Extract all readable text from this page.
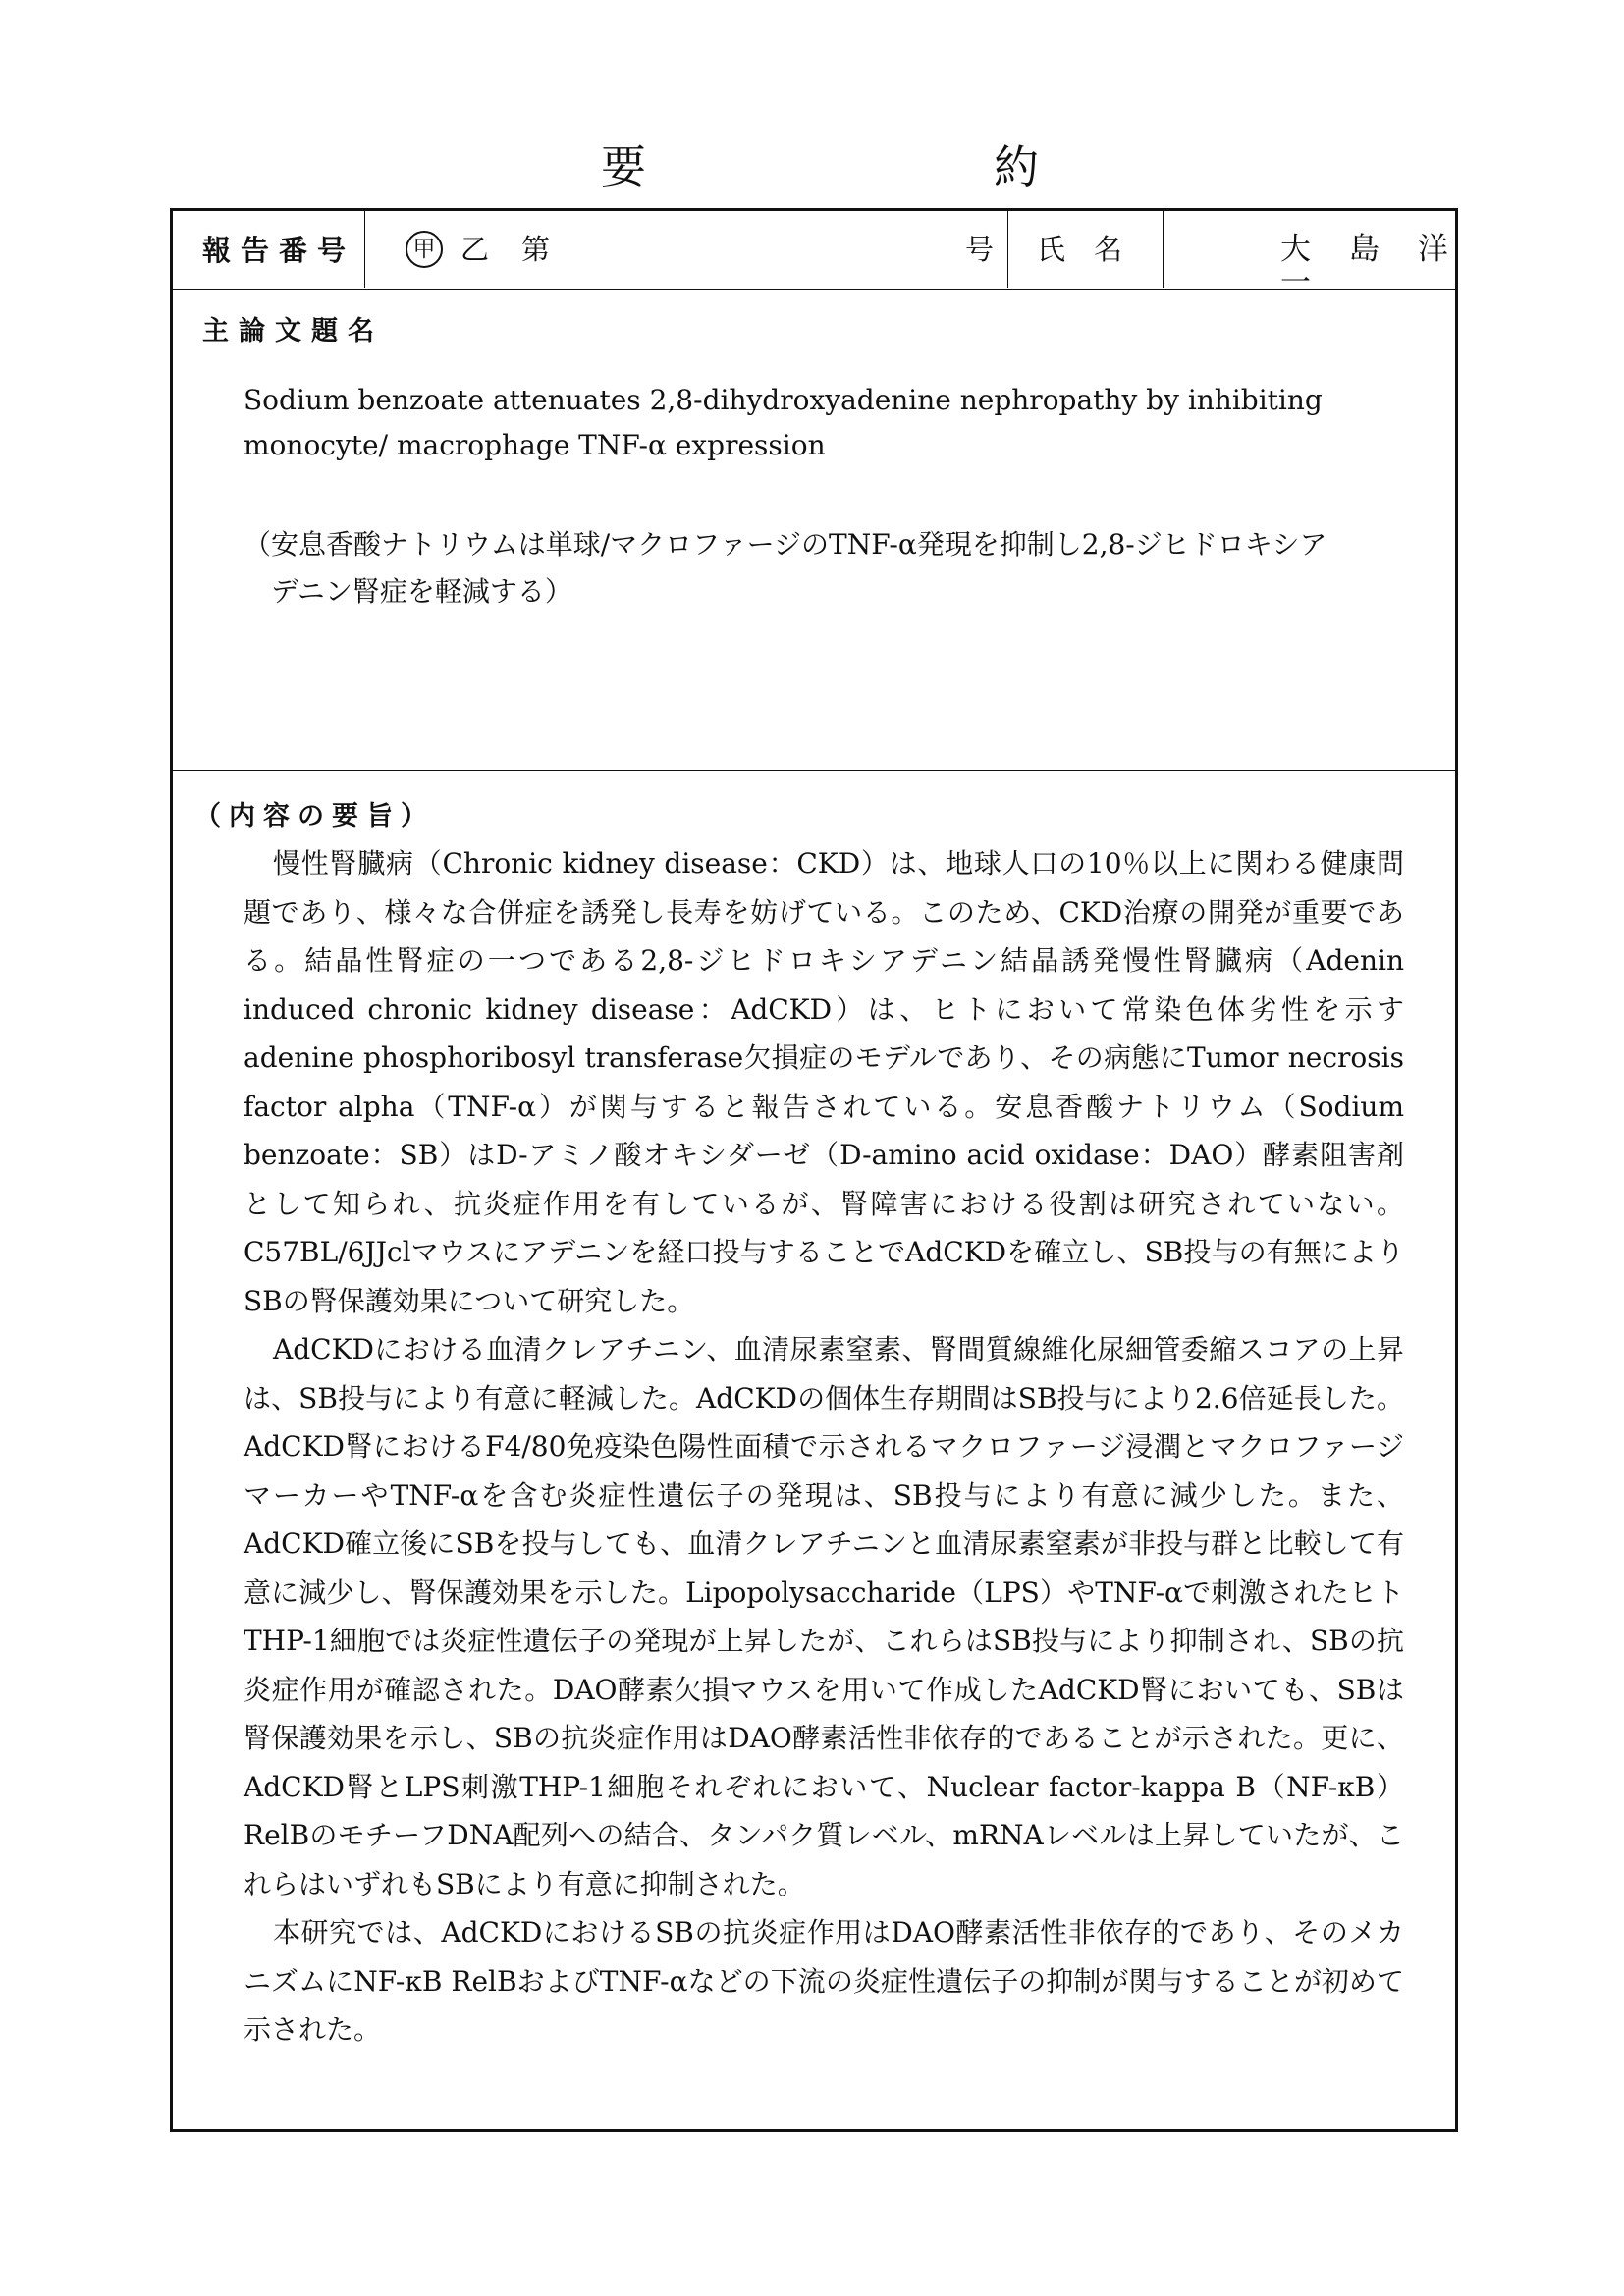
要	約
報告番号	甲 乙 第	号 氏　名	大　島　洋　一
主論文題名
Sodium benzoate attenuates 2,8-dihydroxyadenine nephropathy by inhibiting monocyte/ macrophage TNF-α expression
（安息香酸ナトリウムは単球/マクロファージのTNF-α発現を抑制し2,8-ジヒドロキシア
デニン腎症を軽減する）
（内容の要旨）

慢性腎臓病（Chronic kidney disease：CKD）は、地球人口の10％以上に関わる健康問題であり、様々な合併症を誘発し長寿を妨げている。このため、CKD治療の開発が重要である。結晶性腎症の一つである2,8-ジヒドロキシアデニン結晶誘発慢性腎臓病（Adenin induced chronic kidney disease：AdCKD）は、ヒトにおいて常染色体劣性を示すadenine phosphoribosyl transferase欠損症のモデルであり、その病態にTumor necrosis factor alpha（TNF-α）が関与すると報告されている。安息香酸ナトリウム（Sodium benzoate：SB）はD-アミノ酸オキシダーゼ（D-amino acid oxidase：DAO）酵素阻害剤として知られ、抗炎症作用を有しているが、腎障害における役割は研究されていない。C57BL/6JJclマウスにアデニンを経口投与することでAdCKDを確立し、SB投与の有無によりSBの腎保護効果について研究した。

AdCKDにおける血清クレアチニン、血清尿素窒素、腎間質線維化尿細管委縮スコアの上昇は、SB投与により有意に軽減した。AdCKDの個体生存期間はSB投与により2.6倍延長した。AdCKD腎におけるF4/80免疫染色陽性面積で示されるマクロファージ浸潤とマクロファージマーカーやTNF-αを含む炎症性遺伝子の発現は、SB投与により有意に減少した。また、AdCKD確立後にSBを投与しても、血清クレアチニンと血清尿素窒素が非投与群と比較して有意に減少し、腎保護効果を示した。Lipopolysaccharide（LPS）やTNF-αで刺激されたヒトTHP-1細胞では炎症性遺伝子の発現が上昇したが、これらはSB投与により抑制され、SBの抗炎症作用が確認された。DAO酵素欠損マウスを用いて作成したAdCKD腎においても、SBは腎保護効果を示し、SBの抗炎症作用はDAO酵素活性非依存的であることが示された。更に、AdCKD腎とLPS刺激THP-1細胞それぞれにおいて、Nuclear factor-kappa B（NF-κB）RelBのモチーフDNA配列への結合、タンパク質レベル、mRNAレベルは上昇していたが、これらはいずれもSBにより有意に抑制された。

本研究では、AdCKDにおけるSBの抗炎症作用はDAO酵素活性非依存的であり、そのメカニズムにNF-κB RelBおよびTNF-αなどの下流の炎症性遺伝子の抑制が関与することが初めて示された。
